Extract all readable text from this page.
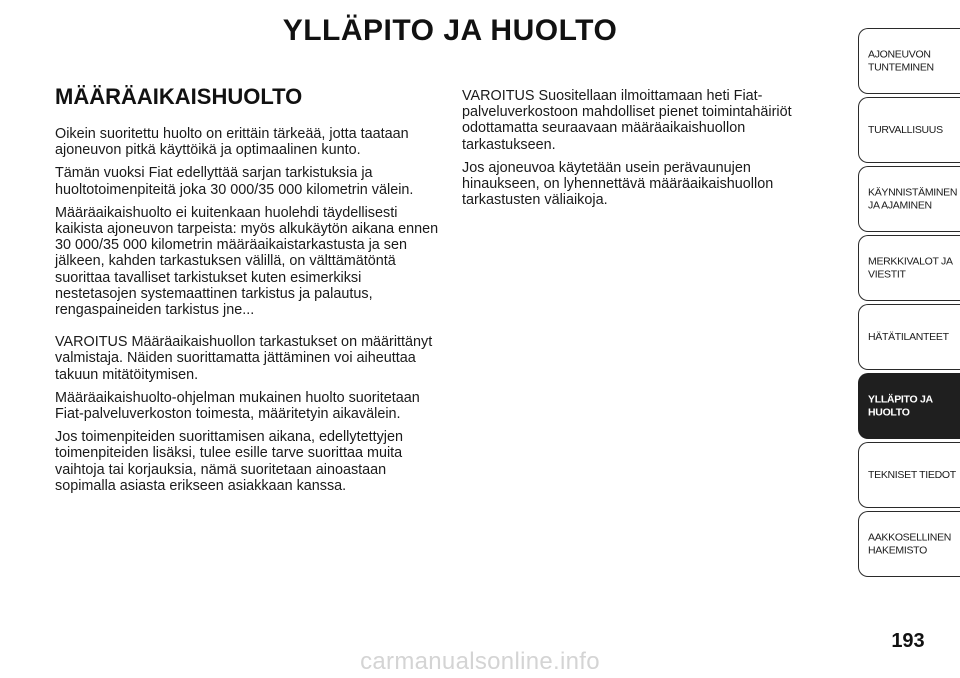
YLLÄPITO JA HUOLTO
MÄÄRÄAIKAISHUOLTO

Oikein suoritettu huolto on erittäin tärkeää, jotta taataan ajoneuvon pitkä käyttöikä ja optimaalinen kunto.

Tämän vuoksi Fiat edellyttää sarjan tarkistuksia ja huoltotoimenpiteitä joka 30 000/35 000 kilometrin välein.

Määräaikaishuolto ei kuitenkaan huolehdi täydellisesti kaikista ajoneuvon tarpeista: myös alkukäytön aikana ennen 30 000/35 000 kilometrin määräaikaistarkastusta ja sen jälkeen, kahden tarkastuksen välillä, on välttämätöntä suorittaa tavalliset tarkistukset kuten esimerkiksi nestetasojen systemaattinen tarkistus ja palautus, rengaspaineiden tarkistus jne...

VAROITUS Määräaikaishuollon tarkastukset on määrittänyt valmistaja. Näiden suorittamatta jättäminen voi aiheuttaa takuun mitätöitymisen.

Määräaikaishuolto-ohjelman mukainen huolto suoritetaan Fiat-palveluverkoston toimesta, määritetyin aikavälein.

Jos toimenpiteiden suorittamisen aikana, edellytettyjen toimenpiteiden lisäksi, tulee esille tarve suorittaa muita vaihtoja tai korjauksia, nämä suoritetaan ainoastaan sopimalla asiasta erikseen asiakkaan kanssa.

VAROITUS Suositellaan ilmoittamaan heti Fiat-palveluverkostoon mahdolliset pienet toimintahäiriöt odottamatta seuraavaan määräaikaishuollon tarkastukseen.

Jos ajoneuvoa käytetään usein perävaunujen hinaukseen, on lyhennettävä määräaikaishuollon tarkastusten väliaikoja.

AJONEUVON
TUNTEMINEN
TURVALLISUUS
KÄYNNISTÄMINEN
JA AJAMINEN
MERKKIVALOT JA
VIESTIT
HÄTÄTILANTEET
YLLÄPITO JA
HUOLTO
TEKNISET TIEDOT
AAKKOSELLINEN
HAKEMISTO
193
carmanualsonline.info
